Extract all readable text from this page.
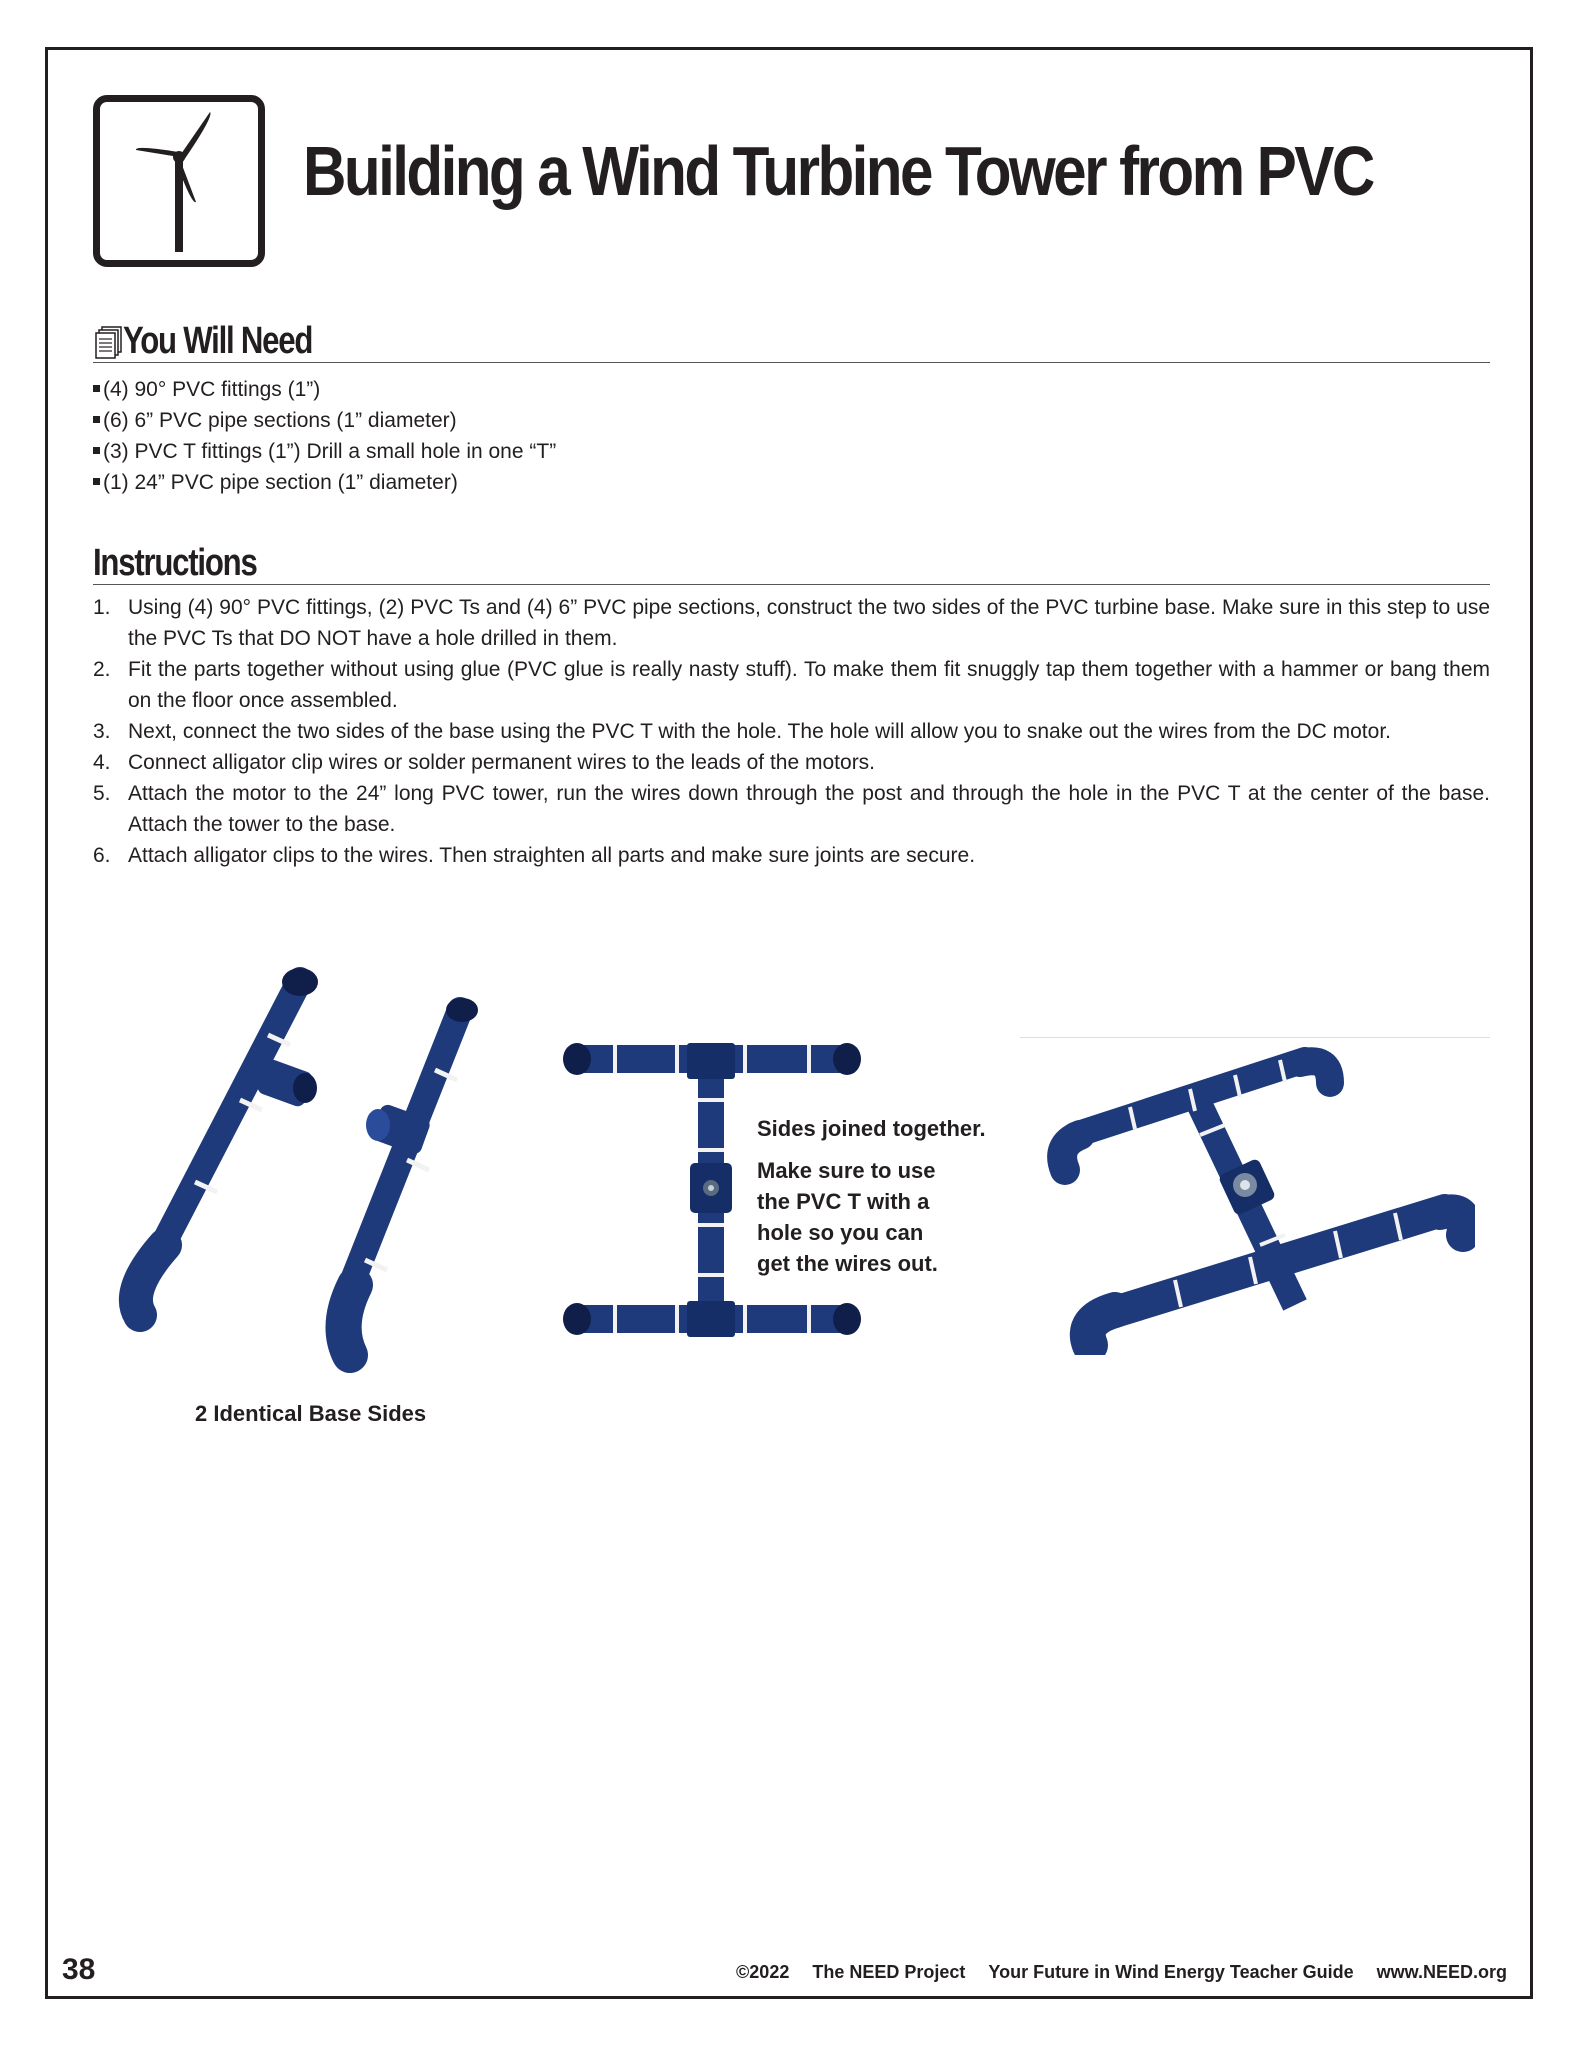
Building a Wind Turbine Tower from PVC
You Will Need
(4) 90° PVC fittings (1”)
(6) 6” PVC pipe sections (1” diameter)
(3) PVC T fittings (1”) Drill a small hole in one “T”
(1) 24” PVC pipe section (1” diameter)
Instructions
1. Using (4) 90° PVC fittings, (2) PVC Ts and (4) 6” PVC pipe sections, construct the two sides of the PVC turbine base. Make sure in this step to use the PVC Ts that DO NOT have a hole drilled in them.
2. Fit the parts together without using glue (PVC glue is really nasty stuff). To make them fit snuggly tap them together with a hammer or bang them on the floor once assembled.
3. Next, connect the two sides of the base using the PVC T with the hole. The hole will allow you to snake out the wires from the DC motor.
4. Connect alligator clip wires or solder permanent wires to the leads of the motors.
5. Attach the motor to the 24” long PVC tower, run the wires down through the post and through the hole in the PVC T at the center of the base. Attach the tower to the base.
6. Attach alligator clips to the wires. Then straighten all parts and make sure joints are secure.
2 Identical Base Sides
Sides joined together.
Make sure to use the PVC T with a hole so you can get the wires out.
38	©2022 The NEED Project Your Future in Wind Energy Teacher Guide www.NEED.org
